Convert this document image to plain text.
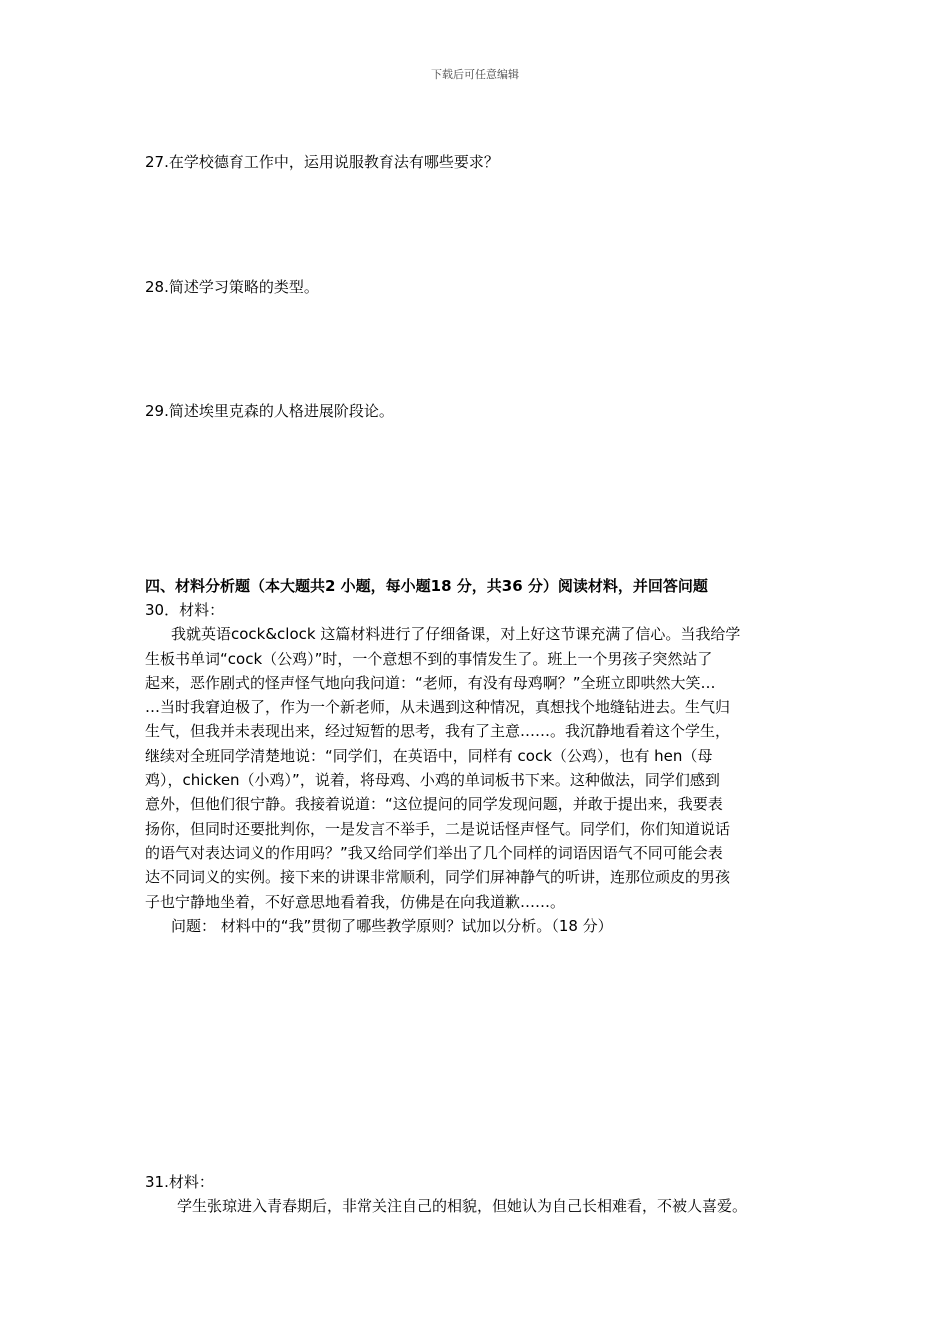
下载后可任意编辑
27.在学校德育工作中，运用说服教育法有哪些要求？
28.简述学习策略的类型。
29.简述埃里克森的人格进展阶段论。
四、材料分析题（本大题共2 小题，每小题18 分，共36 分）阅读材料，并回答问题
30．材料：
我就英语cock&clock 这篇材料进行了仔细备课，对上好这节课充满了信心。当我给学
生板书单词“cock（公鸡）”时，一个意想不到的事情发生了。班上一个男孩子突然站了
起来，恶作剧式的怪声怪气地向我问道：“老师，有没有母鸡啊？”全班立即哄然大笑…
…当时我窘迫极了，作为一个新老师，从未遇到这种情况，真想找个地缝钻进去。生气归
生气，但我并未表现出来，经过短暂的思考，我有了主意……。我沉静地看着这个学生，
继续对全班同学清楚地说：“同学们，在英语中，同样有 cock（公鸡），也有 hen（母
鸡），chicken（小鸡）”，说着，将母鸡、小鸡的单词板书下来。这种做法，同学们感到
意外，但他们很宁静。我接着说道：“这位提问的同学发现问题，并敢于提出来，我要表
扬你，但同时还要批判你，一是发言不举手，二是说话怪声怪气。同学们，你们知道说话
的语气对表达词义的作用吗？”我又给同学们举出了几个同样的词语因语气不同可能会表
达不同词义的实例。接下来的讲课非常顺利，同学们屏神静气的听讲，连那位顽皮的男孩
子也宁静地坐着，不好意思地看着我，仿佛是在向我道歉……。
问题： 材料中的“我”贯彻了哪些教学原则？试加以分析。（18 分）
31.材料：
学生张琼进入青春期后，非常关注自己的相貌，但她认为自己长相难看，不被人喜爱。
